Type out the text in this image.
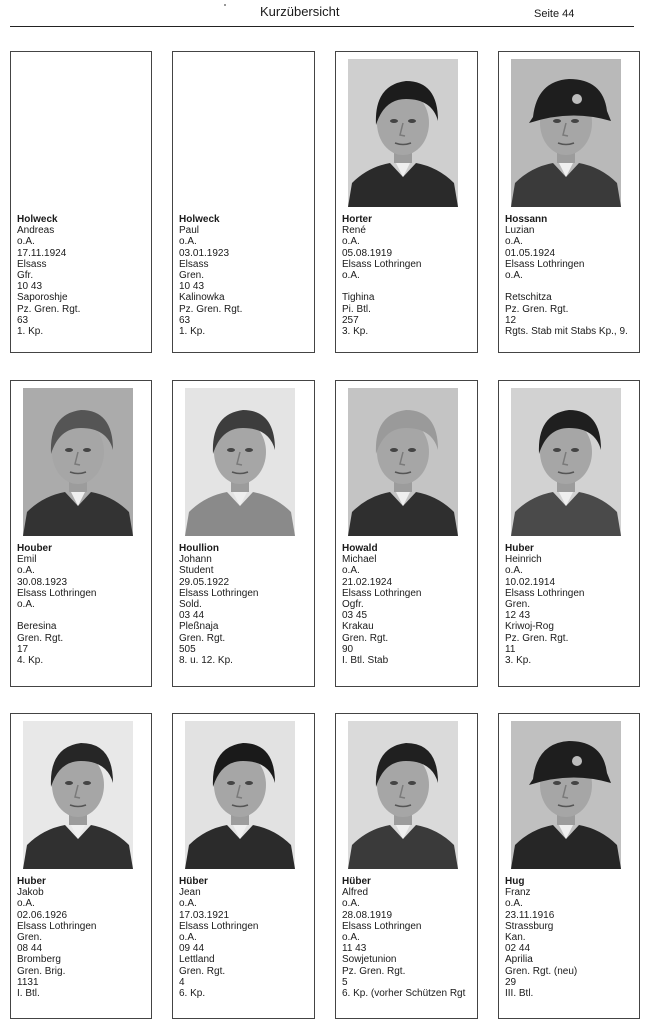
Kurzübersicht	Seite 44
Holweck
Andreas
o.A.
17.11.1924
Elsass
Gfr.
10 43
Saporoshje
Pz. Gren. Rgt.
63
1. Kp.
Holweck
Paul
o.A.
03.01.1923
Elsass
Gren.
10 43
Kalinowka
Pz. Gren. Rgt.
63
1. Kp.
Horter
René
o.A.
05.08.1919
Elsass Lothringen
o.A.
Tighina
Pi. Btl.
257
3. Kp.
Hossann
Luzian
o.A.
01.05.1924
Elsass Lothringen
o.A.
Retschitza
Pz. Gren. Rgt.
12
Rgts. Stab mit Stabs Kp., 9.
Houber
Emil
o.A.
30.08.1923
Elsass Lothringen
o.A.
Beresina
Gren. Rgt.
17
4. Kp.
Houllion
Johann
Student
29.05.1922
Elsass Lothringen
Sold.
03 44
Pleßnaja
Gren. Rgt.
505
8. u. 12. Kp.
Howald
Michael
o.A.
21.02.1924
Elsass Lothringen
Ogfr.
03 45
Krakau
Gren. Rgt.
90
I. Btl. Stab
Huber
Heinrich
o.A.
10.02.1914
Elsass Lothringen
Gren.
12 43
Kriwoj-Rog
Pz. Gren. Rgt.
11
3. Kp.
Huber
Jakob
o.A.
02.06.1926
Elsass Lothringen
Gren.
08 44
Bromberg
Gren. Brig.
1131
I. Btl.
Hüber
Jean
o.A.
17.03.1921
Elsass Lothringen
o.A.
09 44
Lettland
Gren. Rgt.
4
6. Kp.
Hüber
Alfred
o.A.
28.08.1919
Elsass Lothringen
o.A.
11 43
Sowjetunion
Pz. Gren. Rgt.
5
6. Kp. (vorher Schützen Rgt
Hug
Franz
o.A.
23.11.1916
Strassburg
Kan.
02 44
Aprilia
Gren. Rgt. (neu)
29
III. Btl.
